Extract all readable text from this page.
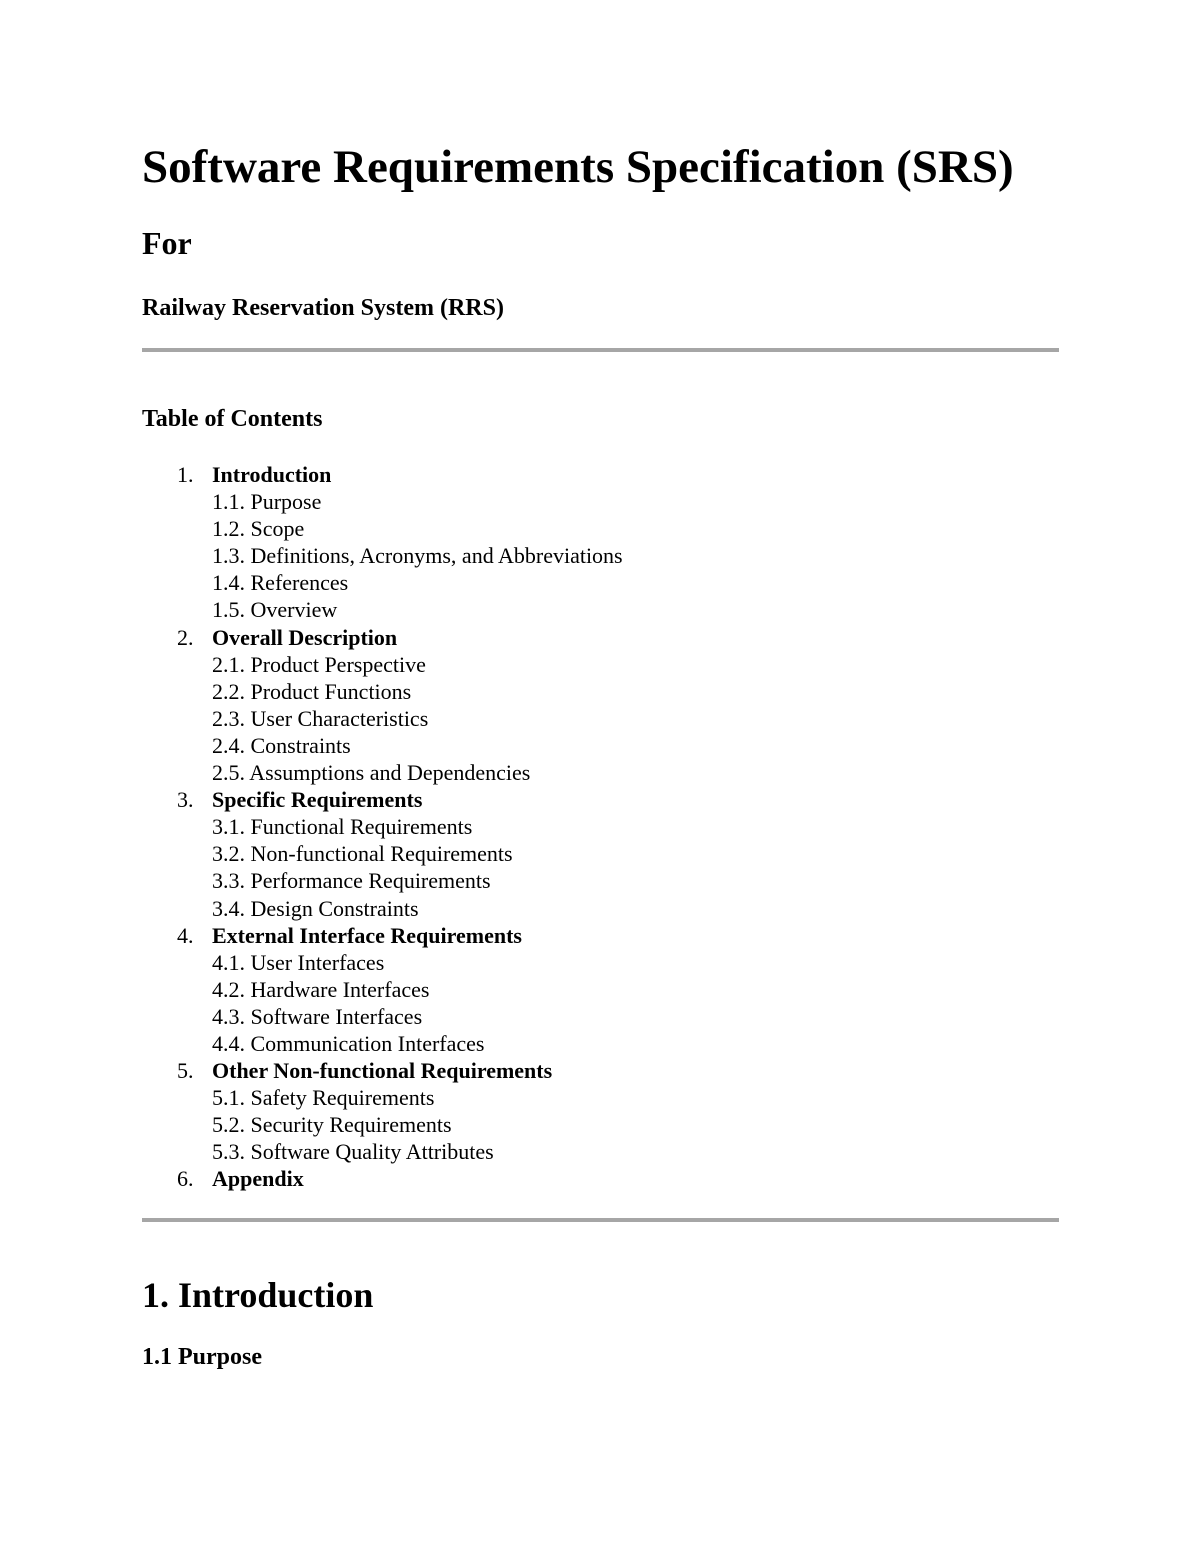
Software Requirements Specification (SRS)
For
Railway Reservation System (RRS)
Table of Contents
1. Introduction
1.1. Purpose
1.2. Scope
1.3. Definitions, Acronyms, and Abbreviations
1.4. References
1.5. Overview
2. Overall Description
2.1. Product Perspective
2.2. Product Functions
2.3. User Characteristics
2.4. Constraints
2.5. Assumptions and Dependencies
3. Specific Requirements
3.1. Functional Requirements
3.2. Non-functional Requirements
3.3. Performance Requirements
3.4. Design Constraints
4. External Interface Requirements
4.1. User Interfaces
4.2. Hardware Interfaces
4.3. Software Interfaces
4.4. Communication Interfaces
5. Other Non-functional Requirements
5.1. Safety Requirements
5.2. Security Requirements
5.3. Software Quality Attributes
6. Appendix
1. Introduction
1.1 Purpose
